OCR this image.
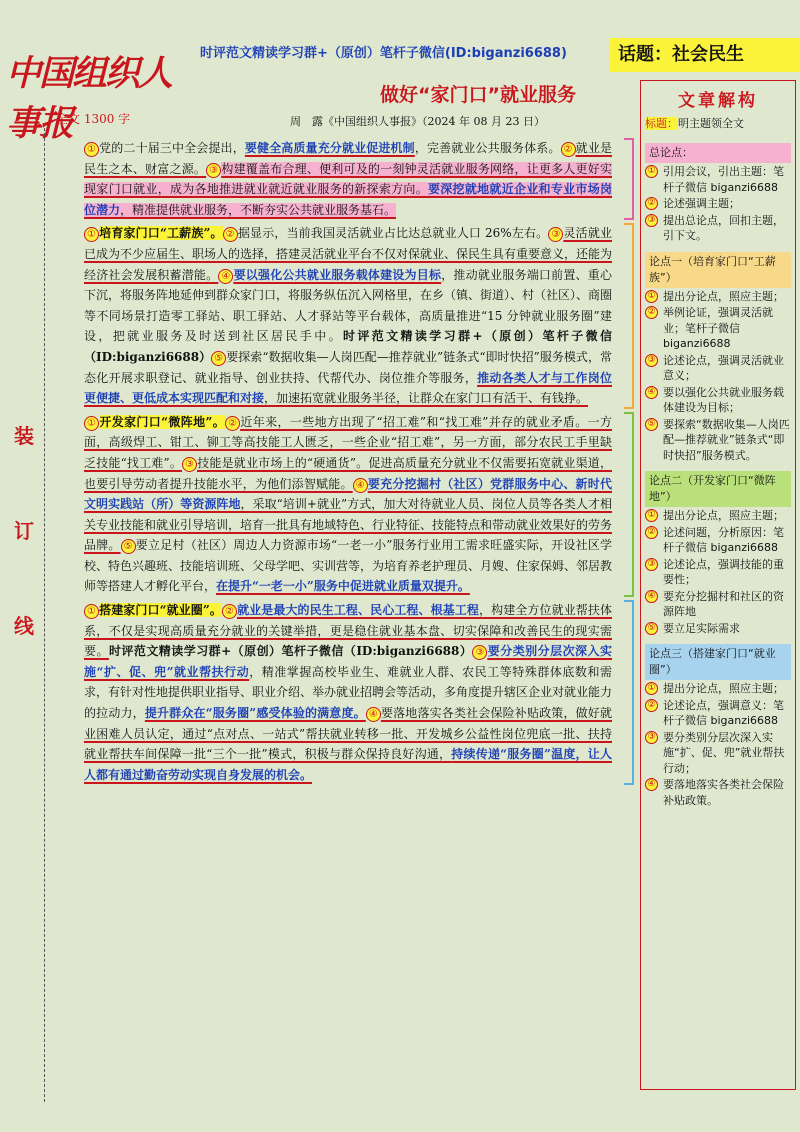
中国组织人事报
时评范文精读学习群+（原创）笔杆子微信(ID:biganzi6688)	话题：社会民生
做好“家门口”就业服务
全文 1300 字	周　露《中国组织人事报》（2024 年 08 月 23 日）
装
订
线
① 党的二十届三中全会提出，要健全高质量充分就业促进机制，完善就业公共服务体系。 ② 就业是民生之本、财富之源。 ③ 构建覆盖布合理、便利可及的一刻钟灵活就业服务网络，让更多人更好实现家门口就业，成为各地推进就业就近就业服务的新探索方向。要深挖就地就近企业和专业市场岗位潜力，精准提供就业服务，不断夯实公共就业服务基石。
① 培育家门口“工薪族”。 ② 据显示，当前我国灵活就业占比达总就业人口 26%左右。 ③ 灵活就业已成为不少应届生、职场人的选择，搭建灵活就业平台不仅对保就业、保民生具有重要意义，还能为经济社会发展积蓄潜能。 ④ 要以强化公共就业服务载体建设为目标，推动就业服务端口前置、重心下沉，将服务阵地延伸到群众家门口，将服务纵伍沉入网格里，在乡（镇、街道）、村（社区）、商圈等不同场景打造零工驿站、职工驿站、人才驿站等平台载体，高质量推进“15 分钟就业服务圈”建设，把就业服务及时送到社区居民手中。时评范文精读学习群+（原创）笔杆子微信（ID:biganzi6688） ⑤ 要探索“数据收集—人岗匹配—推荐就业”链条式“即时快招”服务模式，常态化开展求职登记、就业指导、创业扶持、代帮代办、岗位推介等服务，推动各类人才与工作岗位更便捷、更低成本实现匹配和对接，加速拓宽就业服务半径，让群众在家门口有活干、有钱挣。
① 开发家门口“微阵地”。 ② 近年来，一些地方出现了“招工难”和“找工难”并存的就业矛盾。一方面，高级焊工、钳工、铆工等高技能工人匮乏，一些企业“招工难”，另一方面，部分农民工手里缺乏技能“找工难”。 ③ 技能是就业市场上的“硬通货”。促进高质量充分就业不仅需要拓宽就业渠道，也要引导劳动者提升技能水平，为他们添智赋能。 ④ 要充分挖掘村（社区）党群服务中心、新时代文明实践站（所）等资源阵地，采取“培训+就业”方式，加大对待就业人员、岗位人员等各类人才相关专业技能和就业引导培训，培育一批具有地域特色、行业特征、技能特点和带动就业效果好的劳务品牌。 ⑤ 要立足村（社区）周边人力资源市场“一老一小”服务行业用工需求旺盛实际，开设社区学校、特色兴趣班、技能培训班、父母学吧、实训营等，为培育养老护理员、月嫂、住家保姆、邻居教师等搭建人才孵化平台，在提升“一老一小”服务中促进就业质量双提升。
① 搭建家门口“就业圈”。 ② 就业是最大的民生工程、民心工程、根基工程，构建全方位就业帮扶体系，不仅是实现高质量充分就业的关键举措，更是稳住就业基本盘、切实保障和改善民生的现实需要。时评范文精读学习群+（原创）笔杆子微信（ID:biganzi6688） ③ 要分类别分层次深入实施“扩、促、兜”就业帮扶行动，精准掌握高校毕业生、难就业人群、农民工等特殊群体底数和需求，有针对性地提供职业指导、职业介绍、举办就业招聘会等活动，多角度提升辖区企业对就业能力的拉动力，提升群众在“服务圈”感受体验的满意度。 ④ 要落地落实各类社会保险补贴政策，做好就业困难人员认定，通过“点对点、一站式”帮扶就业转移一批、开发城乡公益性岗位兜底一批、扶持就业帮扶车间保障一批“三个一批”模式，积极与群众保持良好沟通，持续传递“服务圈”温度，让人人都有通过勤奋劳动实现自身发展的机会。
文章解构
标题：明主题领全文
总论点：
① 引用会议，引出主题：笔杆子微信 biganzi6688
② 论述强调主题；
③ 提出总论点，回扣主题，引下文。
论点一（培育家门口“工薪族”）
① 提出分论点，照应主题；
② 举例论证，强调灵活就业；笔杆子微信 biganzi6688
③ 论述论点，强调灵活就业意义；
④ 要以强化公共就业服务载体建设为目标；
⑤ 要探索“数据收集—人岗匹配—推荐就业”链条式“即时快招”服务模式。
论点二（开发家门口“微阵地”）
① 提出分论点，照应主题；
② 论述问题，分析原因：笔杆子微信 biganzi6688
③ 论述论点，强调技能的重要性；
④ 要充分挖掘村和社区的资源阵地
⑤ 要立足实际需求
论点三（搭建家门口“就业圈”）
① 提出分论点，照应主题；
② 论述论点，强调意义：笔杆子微信 biganzi6688
③ 要分类别分层次深入实施“扩、促、兜”就业帮扶行动；
④ 要落地落实各类社会保险补贴政策。
